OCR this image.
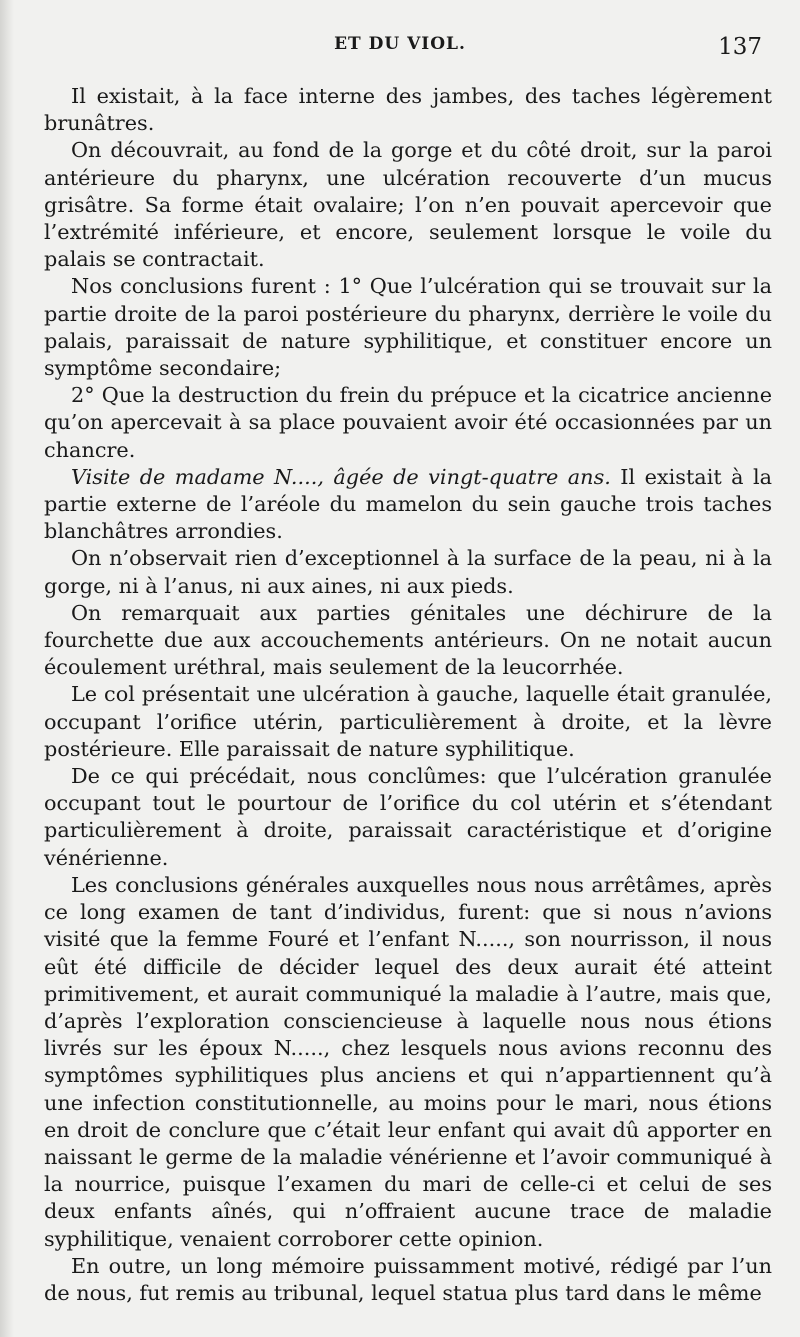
ET DU VIOL.	137

Il existait, à la face interne des jambes, des taches légèrement brunâtres.

On découvrait, au fond de la gorge et du côté droit, sur la paroi antérieure du pharynx, une ulcération recouverte d’un mucus grisâtre. Sa forme était ovalaire; l’on n’en pouvait apercevoir que l’extrémité inférieure, et encore, seulement lorsque le voile du palais se contractait.

Nos conclusions furent : 1° Que l’ulcération qui se trouvait sur la partie droite de la paroi postérieure du pharynx, derrière le voile du palais, paraissait de nature syphilitique, et constituer encore un symptôme secondaire;

2° Que la destruction du frein du prépuce et la cicatrice ancienne qu’on apercevait à sa place pouvaient avoir été occasionnées par un chancre.

Visite de madame N...., âgée de vingt-quatre ans. Il existait à la partie externe de l’aréole du mamelon du sein gauche trois taches blanchâtres arrondies.

On n’observait rien d’exceptionnel à la surface de la peau, ni à la gorge, ni à l’anus, ni aux aines, ni aux pieds.

On remarquait aux parties génitales une déchirure de la fourchette due aux accouchements antérieurs. On ne notait aucun écoulement uréthral, mais seulement de la leucorrhée.

Le col présentait une ulcération à gauche, laquelle était granulée, occupant l’orifice utérin, particulièrement à droite, et la lèvre postérieure. Elle paraissait de nature syphilitique.

De ce qui précédait, nous conclûmes: que l’ulcération granulée occupant tout le pourtour de l’orifice du col utérin et s’étendant particulièrement à droite, paraissait caractéristique et d’origine vénérienne.

Les conclusions générales auxquelles nous nous arrêtâmes, après ce long examen de tant d’individus, furent: que si nous n’avions visité que la femme Fouré et l’enfant N....., son nourrisson, il nous eût été difficile de décider lequel des deux aurait été atteint primitivement, et aurait communiqué la maladie à l’autre, mais que, d’après l’exploration consciencieuse à laquelle nous nous étions livrés sur les époux N....., chez lesquels nous avions reconnu des symptômes syphilitiques plus anciens et qui n’appartiennent qu’à une infection constitutionnelle, au moins pour le mari, nous étions en droit de conclure que c’était leur enfant qui avait dû apporter en naissant le germe de la maladie vénérienne et l’avoir communiqué à la nourrice, puisque l’examen du mari de celle-ci et celui de ses deux enfants aînés, qui n’offraient aucune trace de maladie syphilitique, venaient corroborer cette opinion.

En outre, un long mémoire puissamment motivé, rédigé par l’un de nous, fut remis au tribunal, lequel statua plus tard dans le même
